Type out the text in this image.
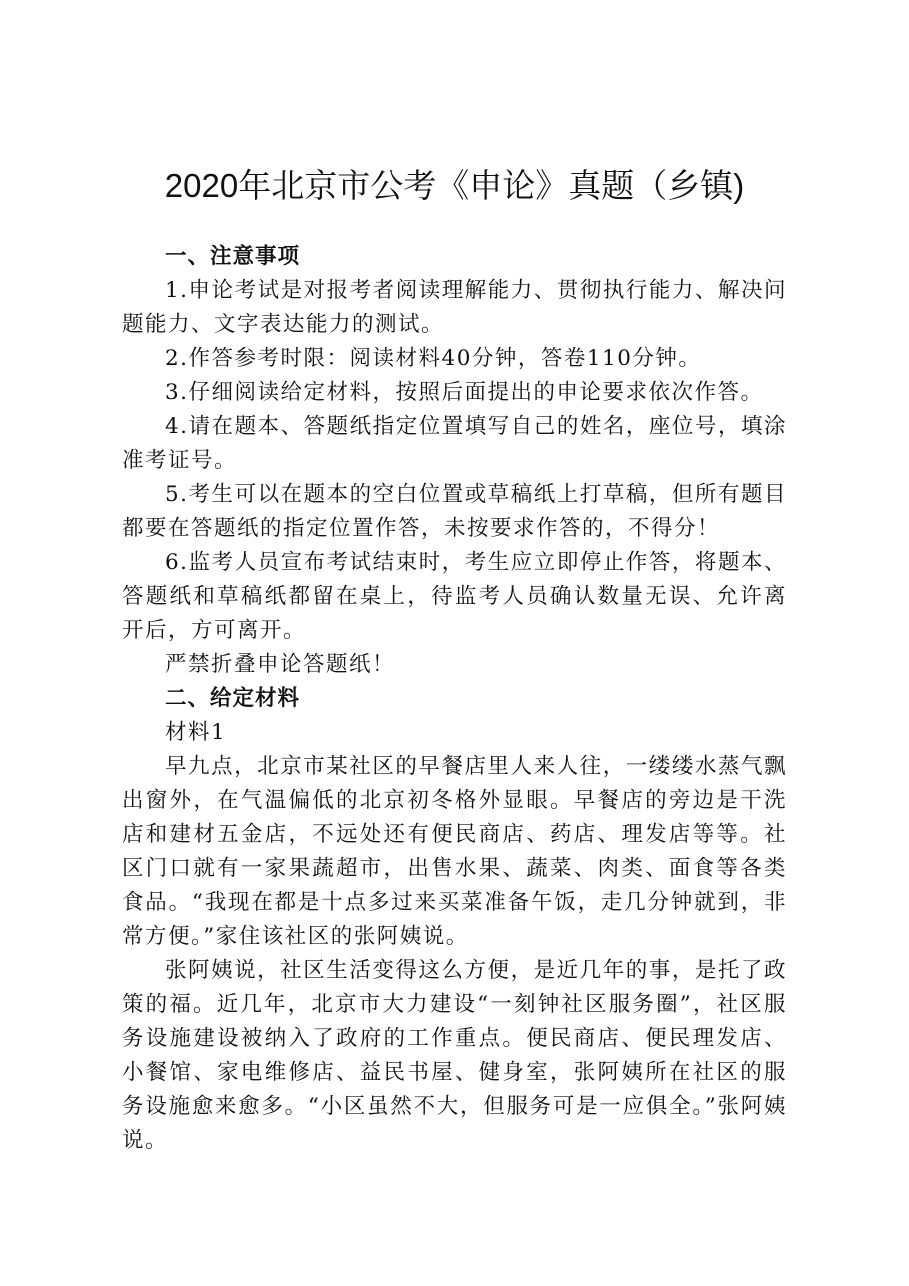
2020年北京市公考《申论》真题（乡镇)

一、注意事项

1.申论考试是对报考者阅读理解能力、贯彻执行能力、解决问题能力、文字表达能力的测试。

2.作答参考时限：阅读材料40分钟，答卷110分钟。

3.仔细阅读给定材料，按照后面提出的申论要求依次作答。

4.请在题本、答题纸指定位置填写自己的姓名，座位号，填涂准考证号。

5.考生可以在题本的空白位置或草稿纸上打草稿，但所有题目都要在答题纸的指定位置作答，未按要求作答的，不得分！

6.监考人员宣布考试结束时，考生应立即停止作答，将题本、答题纸和草稿纸都留在桌上，待监考人员确认数量无误、允许离开后，方可离开。

严禁折叠申论答题纸！

二、给定材料

材料1

早九点，北京市某社区的早餐店里人来人往，一缕缕水蒸气飘出窗外，在气温偏低的北京初冬格外显眼。早餐店的旁边是干洗店和建材五金店，不远处还有便民商店、药店、理发店等等。社区门口就有一家果蔬超市，出售水果、蔬菜、肉类、面食等各类食品。“我现在都是十点多过来买菜准备午饭，走几分钟就到，非常方便。”家住该社区的张阿姨说。

张阿姨说，社区生活变得这么方便，是近几年的事，是托了政策的福。近几年，北京市大力建设“一刻钟社区服务圈”，社区服务设施建设被纳入了政府的工作重点。便民商店、便民理发店、小餐馆、家电维修店、益民书屋、健身室，张阿姨所在社区的服务设施愈来愈多。“小区虽然不大，但服务可是一应俱全。”张阿姨说。
